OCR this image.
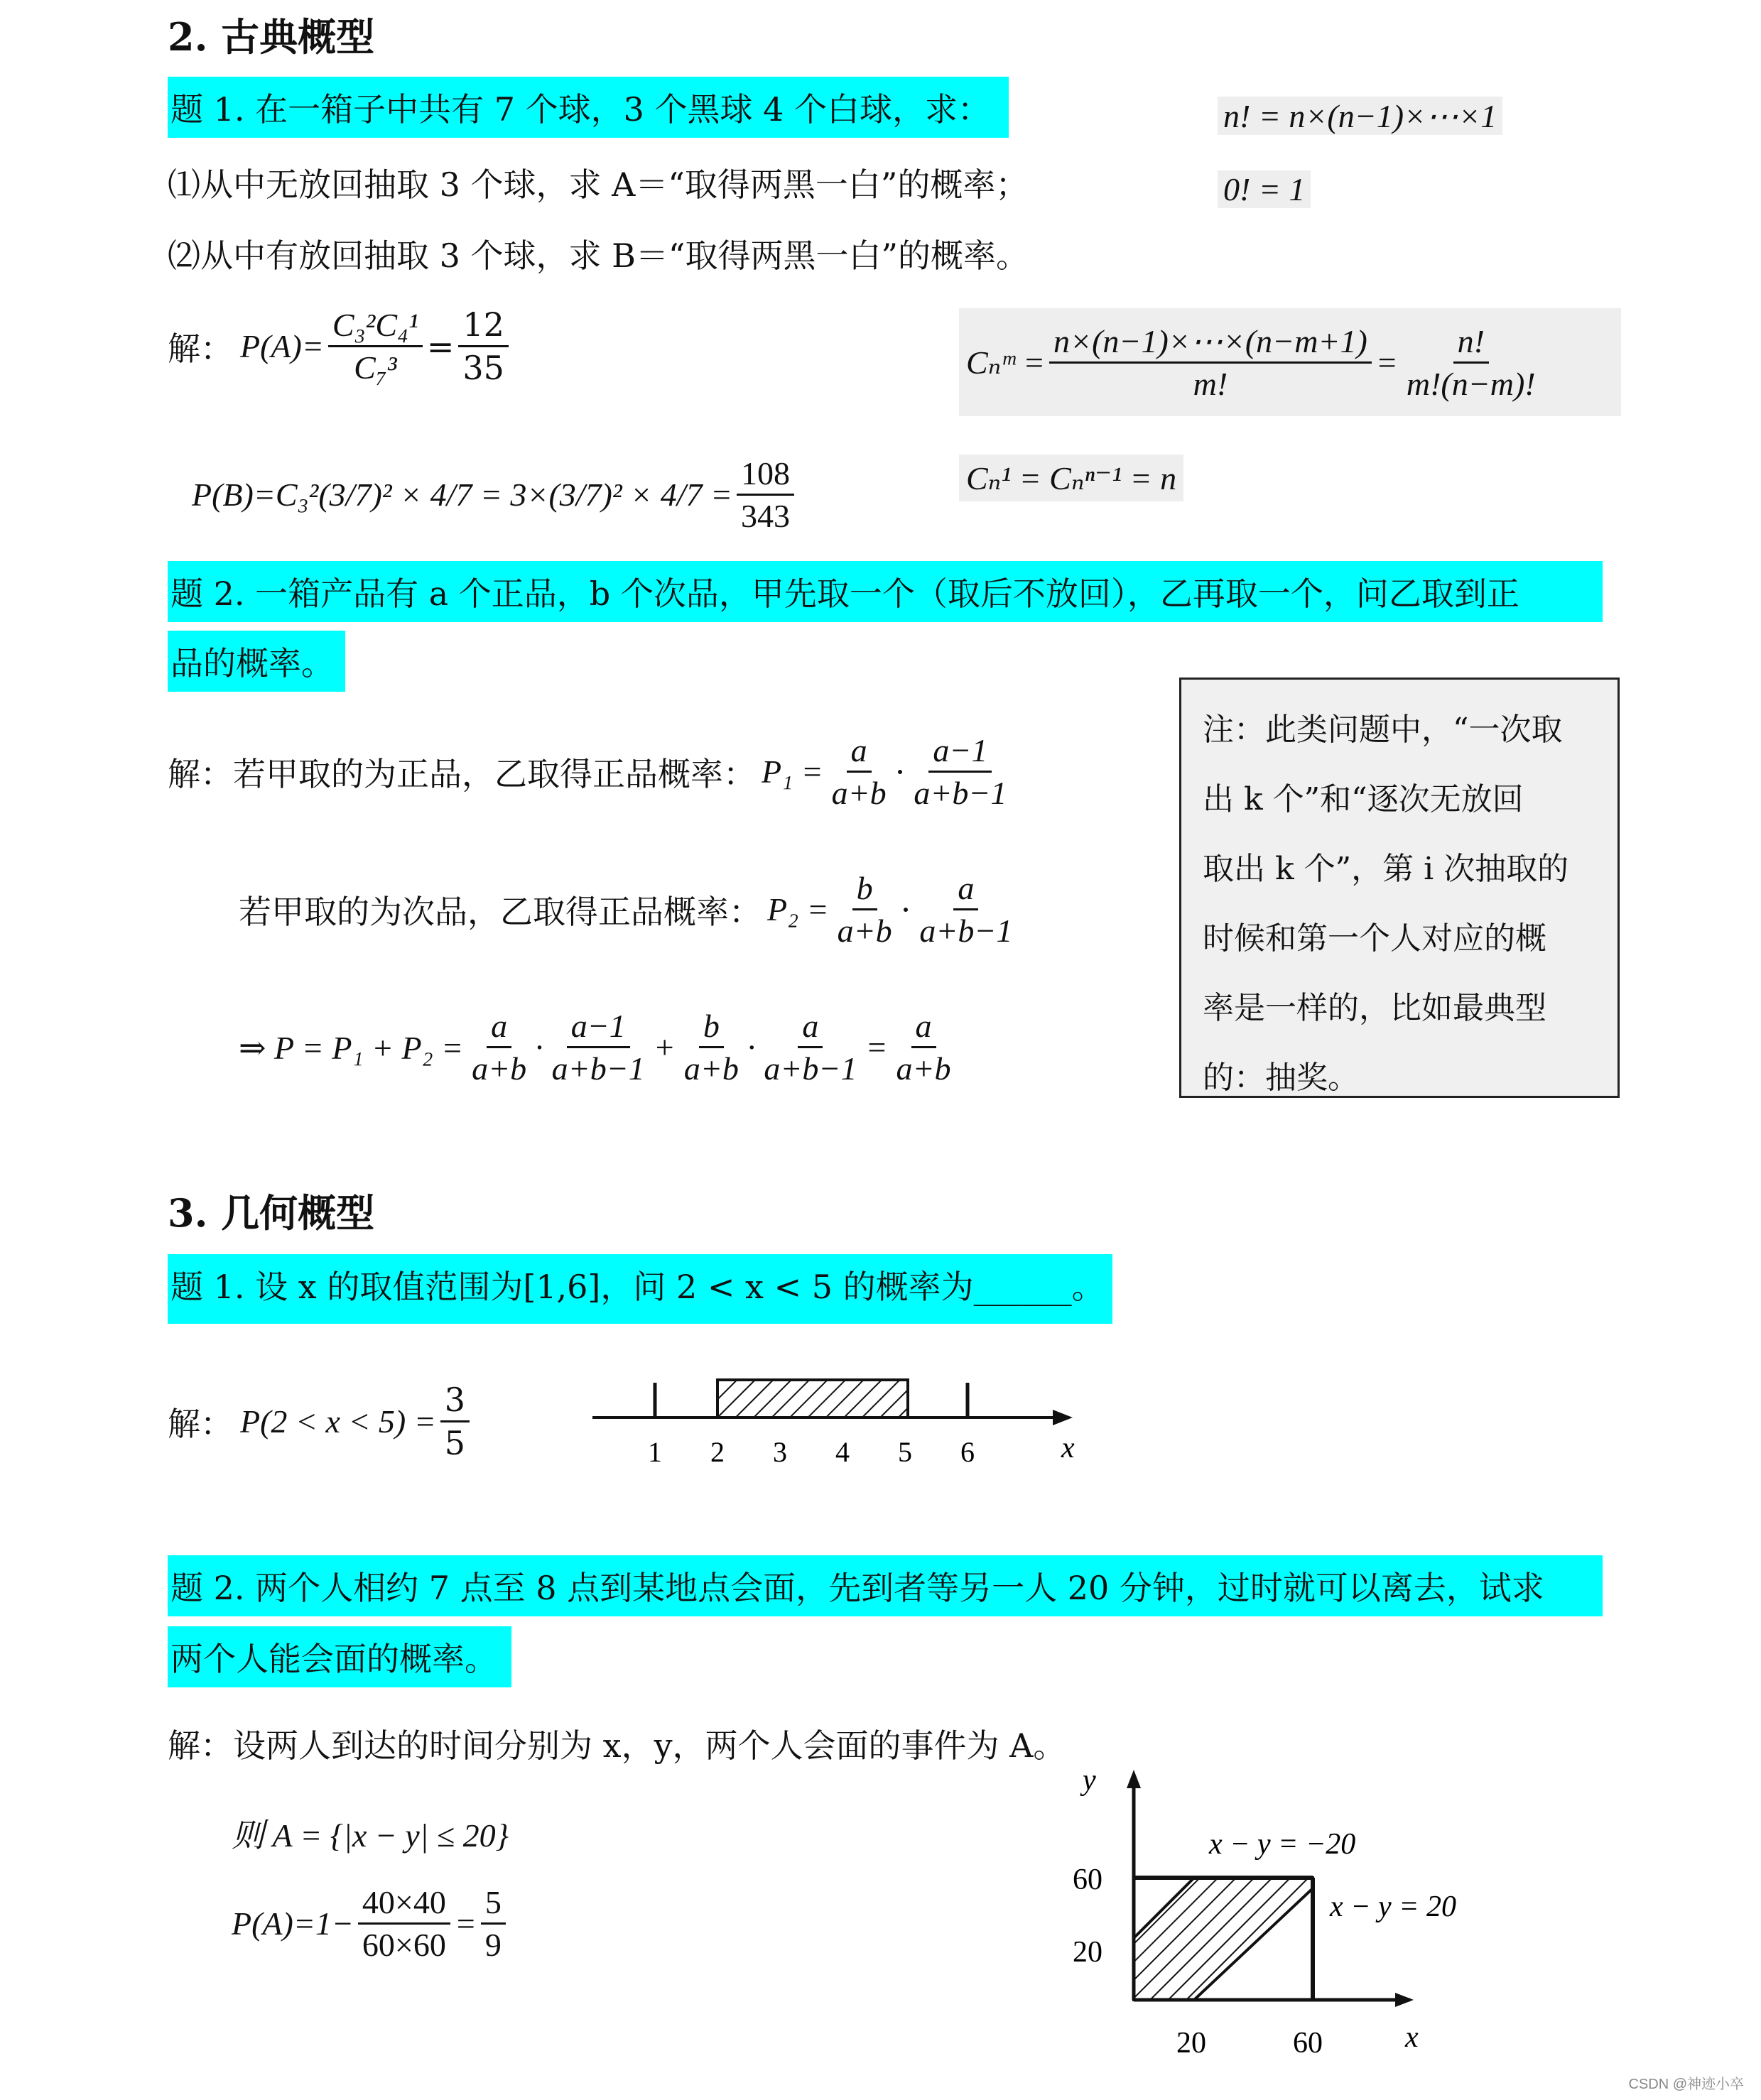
2. 古典概型
题 1. 在一箱子中共有 7 个球，3 个黑球 4 个白球，求：
⑴从中无放回抽取 3 个球，求 A＝“取得两黑一白”的概率；
⑵从中有放回抽取 3 个球，求 B＝“取得两黑一白”的概率。
解： $P(A)= \frac{\text{C₃²C₄¹}}{\text{C₇³}} = \frac{12}{35}$
$P(B)=C_3^2(3/7)^2 \times 4/7 = 3\times(3/7)^2 \times 4/7 = \frac{108}{343}$
n! = n×(n−1)×⋯×1
0! = 1
Cₙᵐ = $\frac{n\times(n-1)\times\cdots\times(n-m+1)}{m!} = \frac{n!}{m!(n-m)!}$
Cₙ¹ = Cₙⁿ⁻¹ = n
题 2. 一箱产品有 a 个正品，b 个次品，甲先取一个（取后不放回），乙再取一个，问乙取到正
品的概率。
解：若甲取的为正品，乙取得正品概率： $P_1 = \frac{a}{a+b} \cdot \frac{a-1}{a+b-1}$
若甲取的为次品，乙取得正品概率： $P_2 = \frac{b}{a+b} \cdot \frac{a}{a+b-1}$
⇒ $P = P_1 + P_2 = \frac{a}{a+b} \cdot \frac{a-1}{a+b-1} + \frac{b}{a+b} \cdot \frac{a}{a+b-1} = \frac{a}{a+b}$
注：此类问题中，“一次取
出 k 个”和“逐次无放回
取出 k 个”，第 i 次抽取的
时候和第一个人对应的概
率是一样的，比如最典型
的：抽奖。
3. 几何概型
题 1. 设 x 的取值范围为[1,6]，问 2 < x < 5 的概率为______。
解： $P(2 < x < 5) = \frac{3}{5}$	1 2 3 4 5 6	x
题 2. 两个人相约 7 点至 8 点到某地点会面，先到者等另一人 20 分钟，过时就可以离去，试求
两个人能会面的概率。
解：设两人到达的时间分别为 x，y，两个人会面的事件为 A。
则 A = {|x − y| ≤ 20}
$P(A)=1- \frac{40\times 40}{60\times 60} = \frac{5}{9}$
y
60
20
20	60	x
x − y = −20
x − y = 20
CSDN @神迹小卒
